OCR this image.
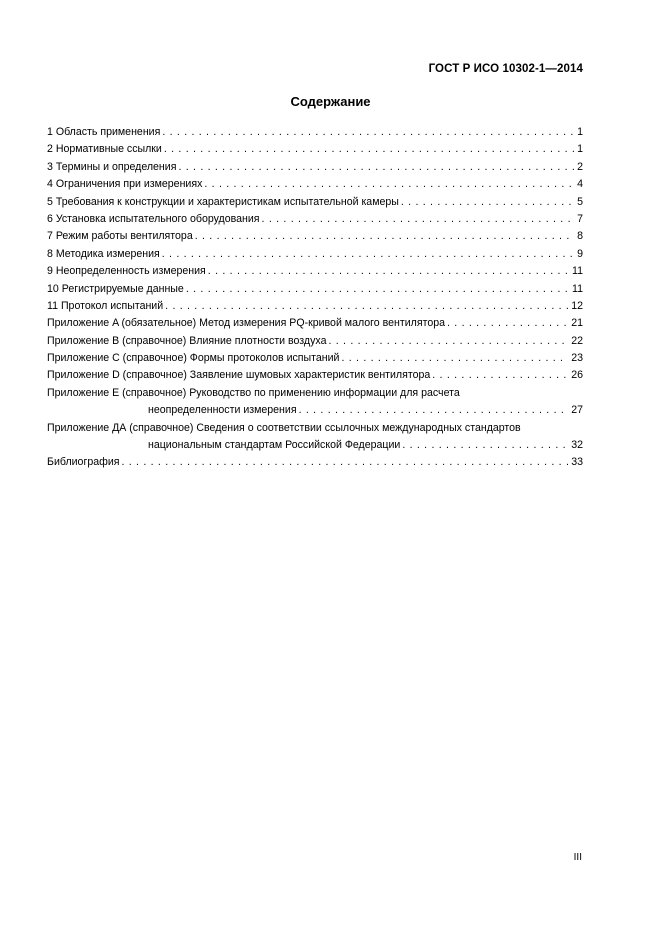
ГОСТ Р ИСО 10302-1—2014
Содержание
1 Область применения . . .	1
2 Нормативные ссылки . . .	1
3 Термины и определения . . .	2
4 Ограничения при измерениях . . .	4
5 Требования к конструкции и характеристикам испытательной камеры . . .	5
6 Установка испытательного оборудования . . .	7
7 Режим работы вентилятора . . .	8
8 Методика измерения . . .	9
9 Неопределенность измерения . . .	11
10 Регистрируемые данные . . .	11
11 Протокол испытаний . . .	12
Приложение A (обязательное) Метод измерения PQ-кривой малого вентилятора . . .	21
Приложение B (справочное) Влияние плотности воздуха . . .	22
Приложение C (справочное) Формы протоколов испытаний . . .	23
Приложение D (справочное) Заявление шумовых характеристик вентилятора . . .	26
Приложение E (справочное) Руководство по применению информации для расчета
неопределенности измерения . . .	27
Приложение ДА (справочное) Сведения о соответствии ссылочных международных стандартов
национальным стандартам Российской Федерации . . .	32
Библиография . . .	33
III
